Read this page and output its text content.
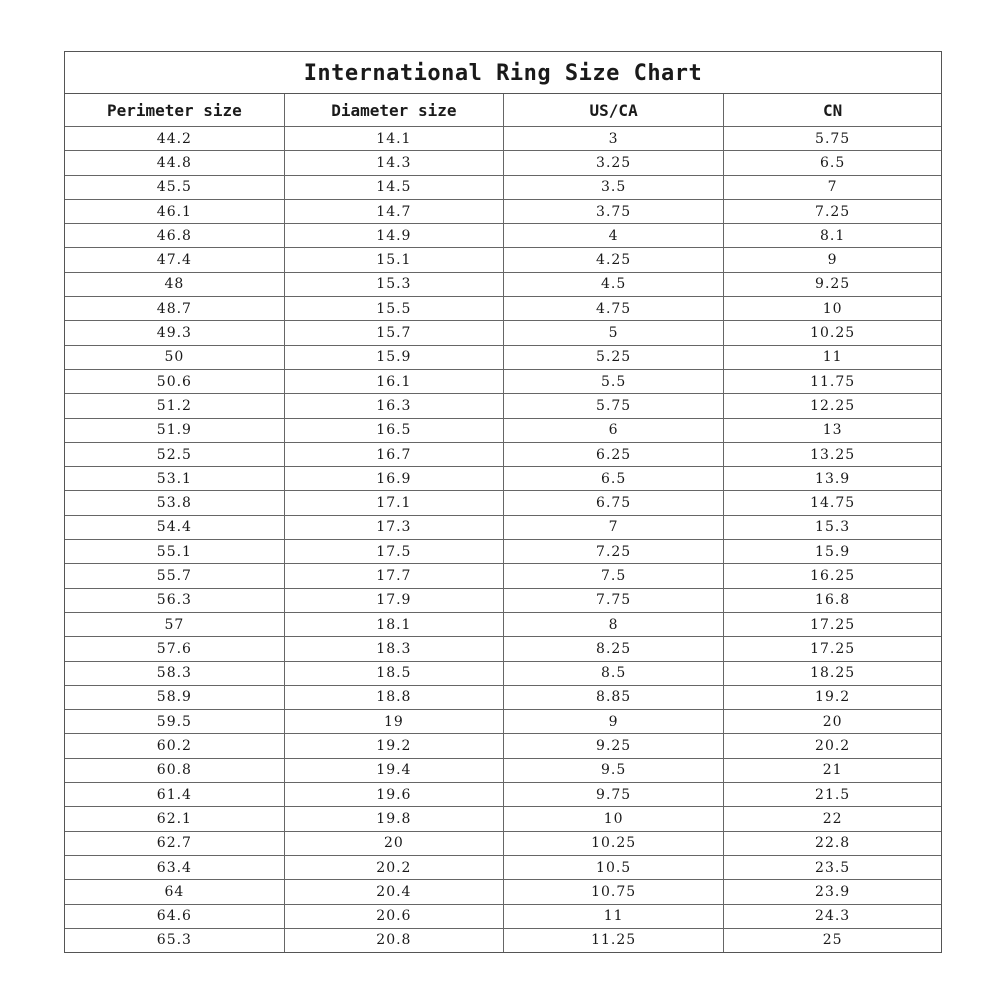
International Ring Size Chart
Perimeter size	Diameter size	US/CA	CN
44.2	14.1	3	5.75
44.8	14.3	3.25	6.5
45.5	14.5	3.5	7
46.1	14.7	3.75	7.25
46.8	14.9	4	8.1
47.4	15.1	4.25	9
48	15.3	4.5	9.25
48.7	15.5	4.75	10
49.3	15.7	5	10.25
50	15.9	5.25	11
50.6	16.1	5.5	11.75
51.2	16.3	5.75	12.25
51.9	16.5	6	13
52.5	16.7	6.25	13.25
53.1	16.9	6.5	13.9
53.8	17.1	6.75	14.75
54.4	17.3	7	15.3
55.1	17.5	7.25	15.9
55.7	17.7	7.5	16.25
56.3	17.9	7.75	16.8
57	18.1	8	17.25
57.6	18.3	8.25	17.25
58.3	18.5	8.5	18.25
58.9	18.8	8.85	19.2
59.5	19	9	20
60.2	19.2	9.25	20.2
60.8	19.4	9.5	21
61.4	19.6	9.75	21.5
62.1	19.8	10	22
62.7	20	10.25	22.8
63.4	20.2	10.5	23.5
64	20.4	10.75	23.9
64.6	20.6	11	24.3
65.3	20.8	11.25	25
